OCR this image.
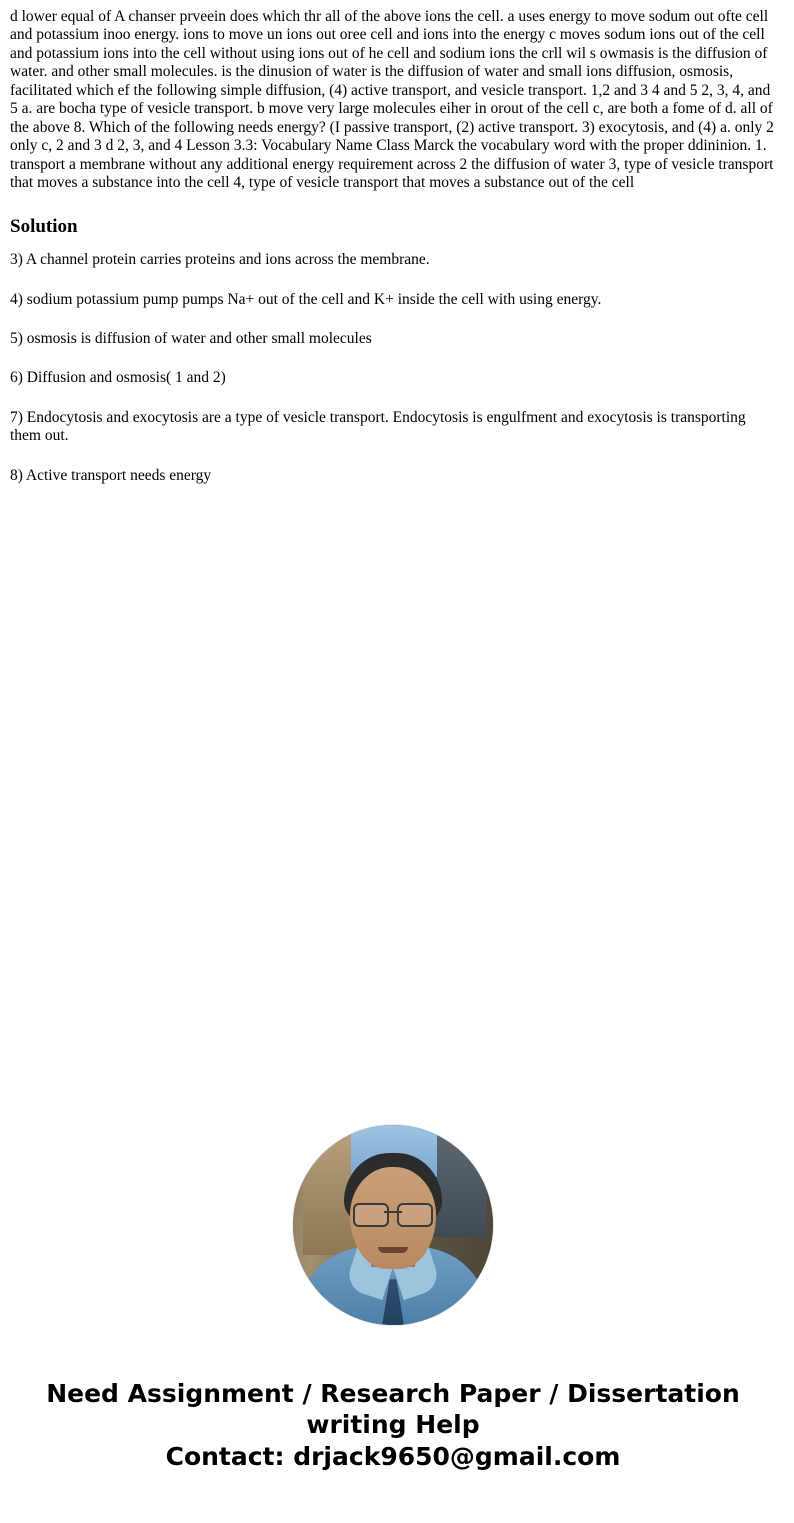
d lower equal of A chanser prveein does which thr all of the above ions the cell. a uses energy to move sodum out ofte cell and potassium inoo energy. ions to move un ions out oree cell and ions into the energy c moves sodum ions out of the cell and potassium ions into the cell without using ions out of he cell and sodium ions the crll wil s owmasis is the diffusion of water. and other small molecules. is the dinusion of water is the diffusion of water and small ions diffusion, osmosis, facilitated which ef the following simple diffusion, (4) active transport, and vesicle transport. 1,2 and 3 4 and 5 2, 3, 4, and 5 a. are bocha type of vesicle transport. b move very large molecules eiher in orout of the cell c, are both a fome of d. all of the above 8. Which of the following needs energy? (I passive transport, (2) active transport. 3) exocytosis, and (4) a. only 2 only c, 2 and 3 d 2, 3, and 4 Lesson 3.3: Vocabulary Name Class Marck the vocabulary word with the proper ddininion. 1. transport a membrane without any additional energy requirement across 2 the diffusion of water 3, type of vesicle transport that moves a substance into the cell 4, type of vesicle transport that moves a substance out of the cell

Solution

3) A channel protein carries proteins and ions across the membrane.

4) sodium potassium pump pumps Na+ out of the cell and K+ inside the cell with using energy.

5) osmosis is diffusion of water and other small molecules

6) Diffusion and osmosis( 1 and 2)

7) Endocytosis and exocytosis are a type of vesicle transport. Endocytosis is engulfment and exocytosis is transporting them out.

8) Active transport needs energy

Need Assignment / Research Paper / Dissertation writing Help
Contact: drjack9650@gmail.com
